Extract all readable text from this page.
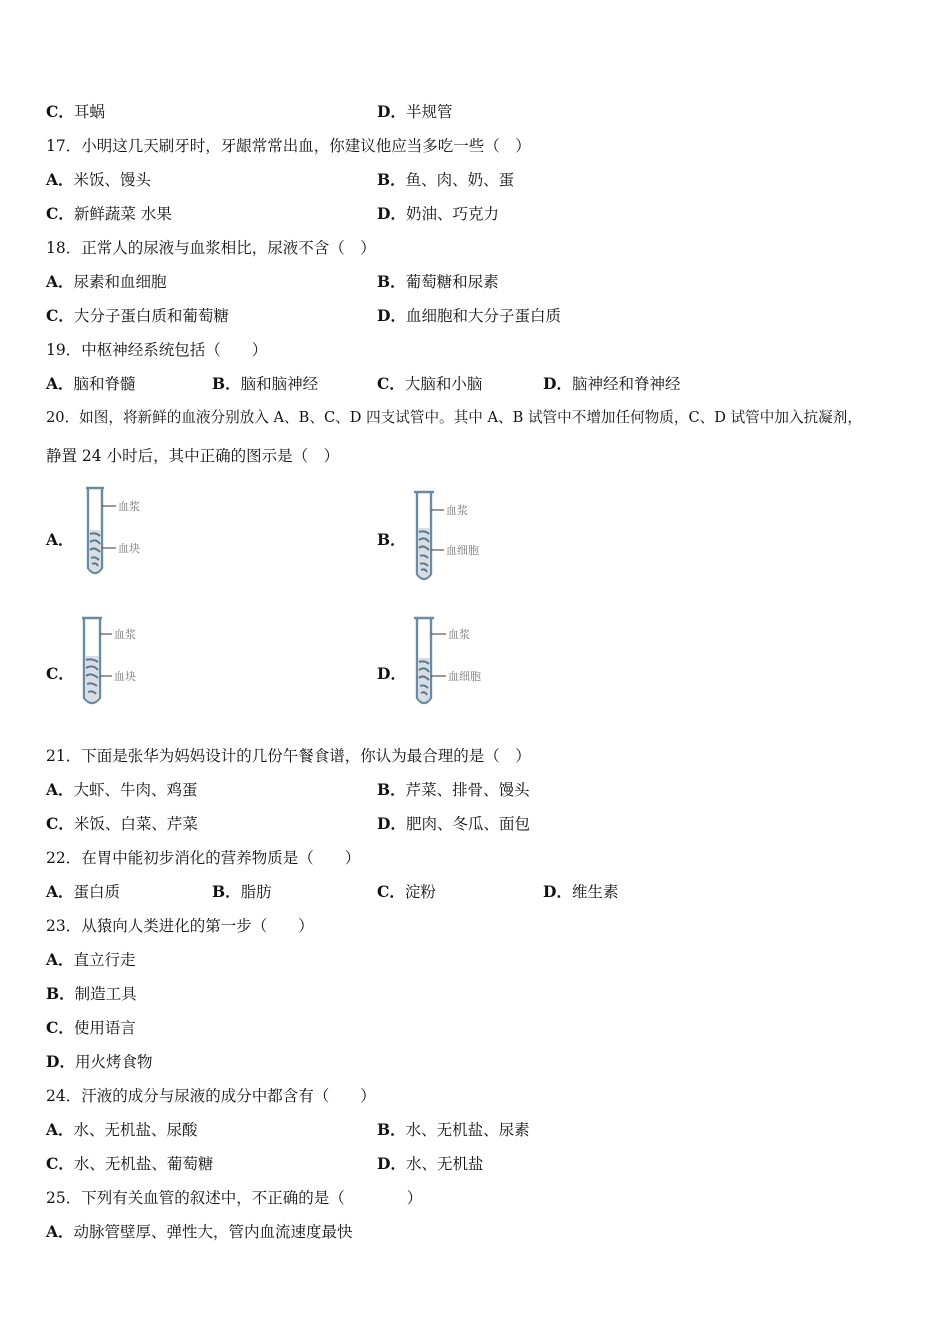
C．耳蜗	D．半规管
17．小明这几天刷牙时，牙龈常常出血，你建议他应当多吃一些（　）
A．米饭、馒头	B．鱼、肉、奶、蛋
C．新鲜蔬菜 水果	D．奶油、巧克力
18．正常人的尿液与血浆相比，尿液不含（　）
A．尿素和血细胞	B．葡萄糖和尿素
C．大分子蛋白质和葡萄糖	D．血细胞和大分子蛋白质
19．中枢神经系统包括（　　）
A．脑和脊髓	B．脑和脑神经	C．大脑和小脑	D．脑神经和脊神经
20．如图，将新鲜的血液分别放入 A、B、C、D 四支试管中。其中 A、B 试管中不增加任何物质，C、D 试管中加入抗凝剂，
静置 24 小时后，其中正确的图示是（　）
A．
血浆
血块	B．
血浆
血细胞
C．
血浆
血块	D．
血浆
血细胞
21．下面是张华为妈妈设计的几份午餐食谱，你认为最合理的是（　）
A．大虾、牛肉、鸡蛋	B．芹菜、排骨、馒头
C．米饭、白菜、芹菜	D．肥肉、冬瓜、面包
22．在胃中能初步消化的营养物质是（　　）
A．蛋白质	B．脂肪	C．淀粉	D．维生素
23．从猿向人类进化的第一步（　　）
A．直立行走
B．制造工具
C．使用语言
D．用火烤食物
24．汗液的成分与尿液的成分中都含有（　　）
A．水、无机盐、尿酸	B．水、无机盐、尿素
C．水、无机盐、葡萄糖	D．水、无机盐
25．下列有关血管的叙述中，不正确的是（　　　　）
A．动脉管壁厚、弹性大，管内血流速度最快
